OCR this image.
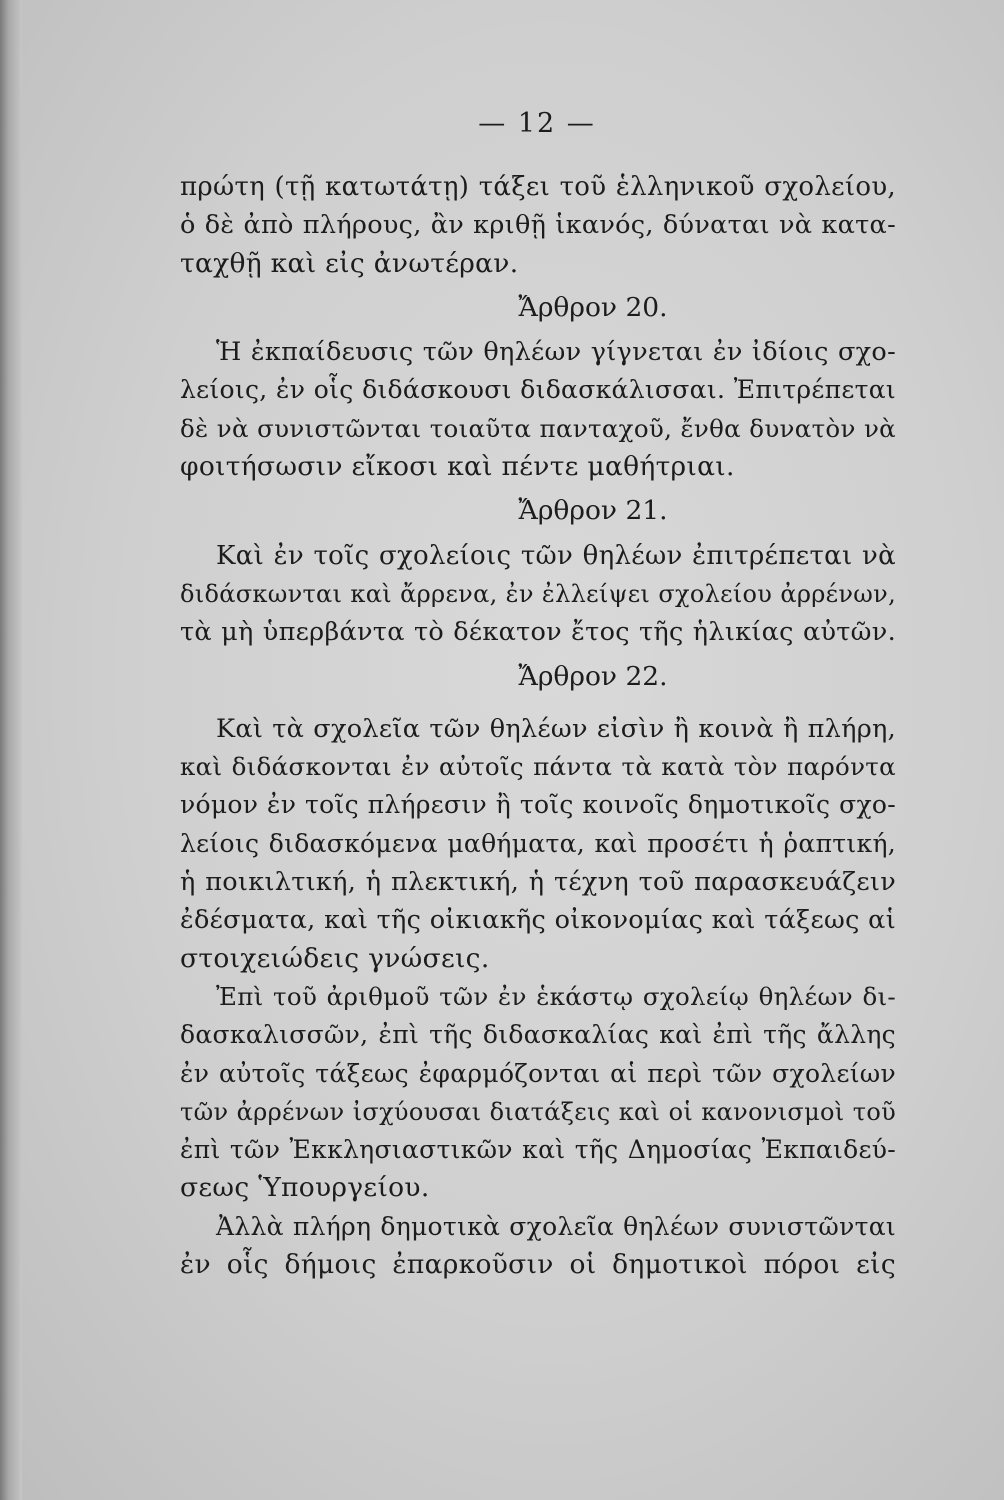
— 12 —
πρώτη (τῇ κατωτάτῃ) τάξει τοῦ ἑλληνικοῦ σχολείου,
ὁ δὲ ἀπὸ πλήρους, ἂν κριθῇ ἱκανός, δύναται νὰ κατα-
ταχθῇ καὶ εἰς ἀνωτέραν.
Ἄρθρον 20.
Ἡ ἐκπαίδευσις τῶν θηλέων γίγνεται ἐν ἰδίοις σχο-
λείοις, ἐν οἷς διδάσκουσι διδασκάλισσαι. Ἐπιτρέπεται
δὲ νὰ συνιστῶνται τοιαῦτα πανταχοῦ, ἔνθα δυνατὸν νὰ
φοιτήσωσιν εἴκοσι καὶ πέντε μαθήτριαι.
Ἄρθρον 21.
Καὶ ἐν τοῖς σχολείοις τῶν θηλέων ἐπιτρέπεται νὰ
διδάσκωνται καὶ ἄρρενα, ἐν ἐλλείψει σχολείου ἀρρένων,
τὰ μὴ ὑπερβάντα τὸ δέκατον ἔτος τῆς ἡλικίας αὐτῶν.
Ἄρθρον 22.
Καὶ τὰ σχολεῖα τῶν θηλέων εἰσὶν ἢ κοινὰ ἢ πλήρη,
καὶ διδάσκονται ἐν αὐτοῖς πάντα τὰ κατὰ τὸν παρόντα
νόμον ἐν τοῖς πλήρεσιν ἢ τοῖς κοινοῖς δημοτικοῖς σχο-
λείοις διδασκόμενα μαθήματα, καὶ προσέτι ἡ ῥαπτική,
ἡ ποικιλτική, ἡ πλεκτική, ἡ τέχνη τοῦ παρασκευάζειν
ἐδέσματα, καὶ τῆς οἰκιακῆς οἰκονομίας καὶ τάξεως αἱ
στοιχειώδεις γνώσεις.
Ἐπὶ τοῦ ἀριθμοῦ τῶν ἐν ἑκάστῳ σχολείῳ θηλέων δι-
δασκαλισσῶν, ἐπὶ τῆς διδασκαλίας καὶ ἐπὶ τῆς ἄλλης
ἐν αὐτοῖς τάξεως ἐφαρμόζονται αἱ περὶ τῶν σχολείων
τῶν ἀρρένων ἰσχύουσαι διατάξεις καὶ οἱ κανονισμοὶ τοῦ
ἐπὶ τῶν Ἐκκλησιαστικῶν καὶ τῆς Δημοσίας Ἐκπαιδεύ-
σεως Ὑπουργείου.
Ἀλλὰ πλήρη δημοτικὰ σχολεῖα θηλέων συνιστῶνται
ἐν οἷς δήμοις ἐπαρκοῦσιν οἱ δημοτικοὶ πόροι εἰς
